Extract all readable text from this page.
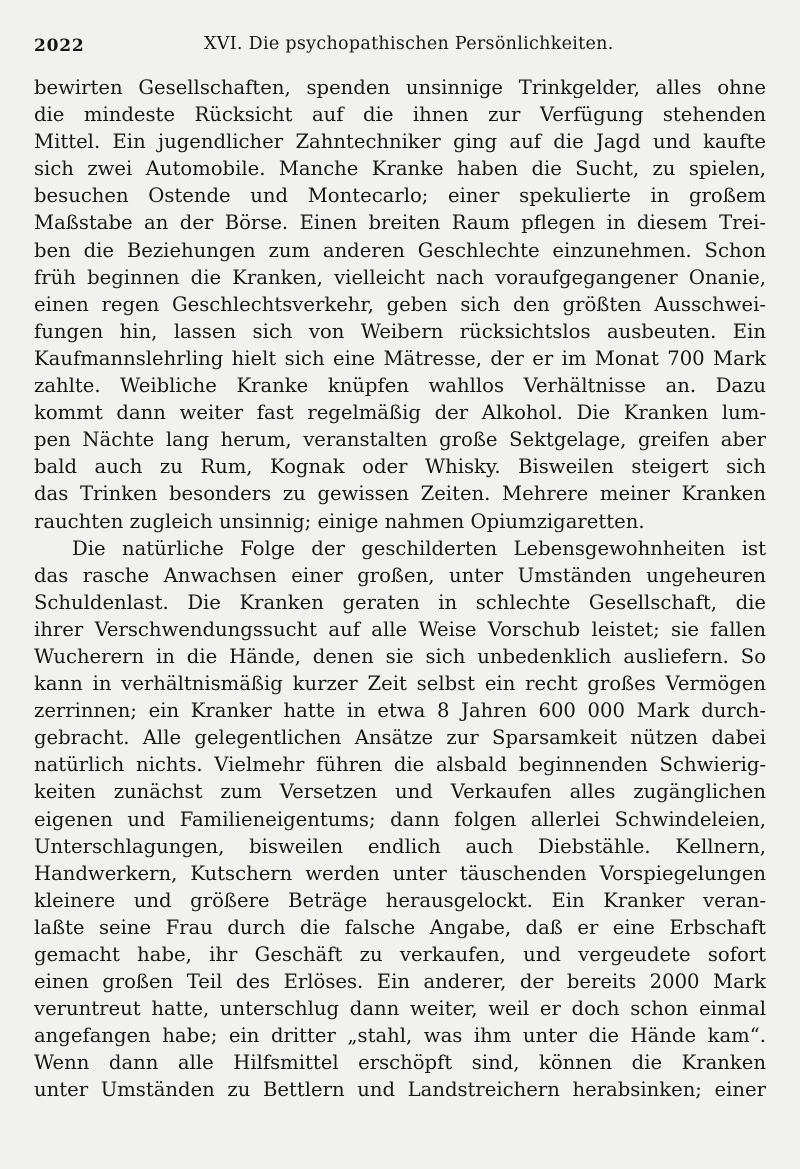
2022	XVI. Die psychopathischen Persönlichkeiten.
bewirten Gesellschaften, spenden unsinnige Trinkgelder, alles ohne
die mindeste Rücksicht auf die ihnen zur Verfügung stehenden
Mittel. Ein jugendlicher Zahntechniker ging auf die Jagd und kaufte
sich zwei Automobile. Manche Kranke haben die Sucht, zu spielen,
besuchen Ostende und Montecarlo; einer spekulierte in großem
Maßstabe an der Börse. Einen breiten Raum pflegen in diesem Trei-
ben die Beziehungen zum anderen Geschlechte einzunehmen. Schon
früh beginnen die Kranken, vielleicht nach voraufgegangener Onanie,
einen regen Geschlechtsverkehr, geben sich den größten Ausschwei-
fungen hin, lassen sich von Weibern rücksichtslos ausbeuten. Ein
Kaufmannslehrling hielt sich eine Mätresse, der er im Monat 700 Mark
zahlte. Weibliche Kranke knüpfen wahllos Verhältnisse an. Dazu
kommt dann weiter fast regelmäßig der Alkohol. Die Kranken lum-
pen Nächte lang herum, veranstalten große Sektgelage, greifen aber
bald auch zu Rum, Kognak oder Whisky. Bisweilen steigert sich
das Trinken besonders zu gewissen Zeiten. Mehrere meiner Kranken
rauchten zugleich unsinnig; einige nahmen Opiumzigaretten.
Die natürliche Folge der geschilderten Lebensgewohnheiten ist
das rasche Anwachsen einer großen, unter Umständen ungeheuren
Schuldenlast. Die Kranken geraten in schlechte Gesellschaft, die
ihrer Verschwendungssucht auf alle Weise Vorschub leistet; sie fallen
Wucherern in die Hände, denen sie sich unbedenklich ausliefern. So
kann in verhältnismäßig kurzer Zeit selbst ein recht großes Vermögen
zerrinnen; ein Kranker hatte in etwa 8 Jahren 600 000 Mark durch-
gebracht. Alle gelegentlichen Ansätze zur Sparsamkeit nützen dabei
natürlich nichts. Vielmehr führen die alsbald beginnenden Schwierig-
keiten zunächst zum Versetzen und Verkaufen alles zugänglichen
eigenen und Familieneigentums; dann folgen allerlei Schwindeleien,
Unterschlagungen, bisweilen endlich auch Diebstähle. Kellnern,
Handwerkern, Kutschern werden unter täuschenden Vorspiegelungen
kleinere und größere Beträge herausgelockt. Ein Kranker veran-
laßte seine Frau durch die falsche Angabe, daß er eine Erbschaft
gemacht habe, ihr Geschäft zu verkaufen, und vergeudete sofort
einen großen Teil des Erlöses. Ein anderer, der bereits 2000 Mark
veruntreut hatte, unterschlug dann weiter, weil er doch schon einmal
angefangen habe; ein dritter „stahl, was ihm unter die Hände kam“.
Wenn dann alle Hilfsmittel erschöpft sind, können die Kranken
unter Umständen zu Bettlern und Landstreichern herabsinken; einer
